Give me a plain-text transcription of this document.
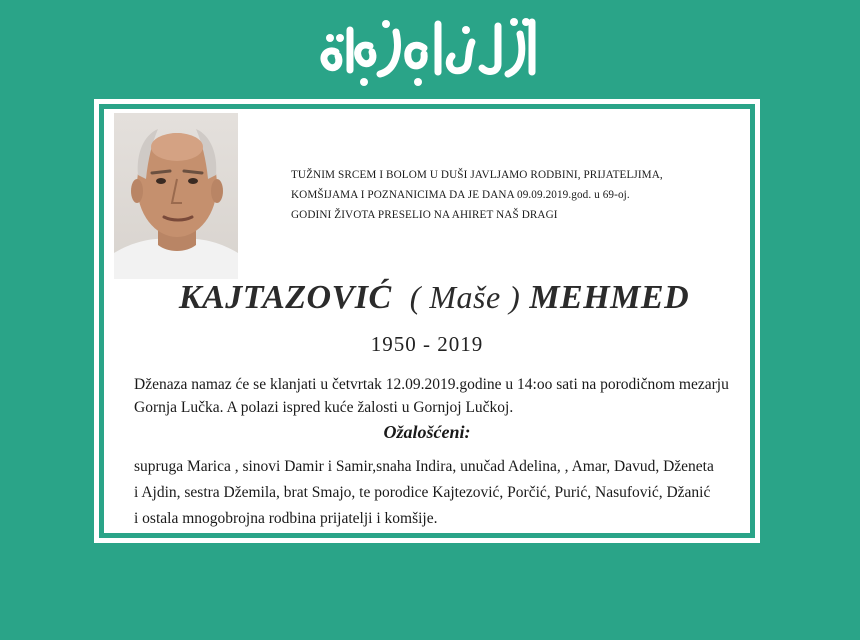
TUŽNIM SRCEM I BOLOM U DUŠI JAVLJAMO RODBINI, PRIJATELJIMA,
KOMŠIJAMA I POZNANICIMA DA JE DANA 09.09.2019.god. u 69-oj.
GODINI ŽIVOTA PRESELIO NA AHIRET NAŠ DRAGI
KAJTAZOVIĆ ( Maše ) MEHMED
1950 - 2019
Dženaza namaz će se klanjati u četvrtak 12.09.2019.godine u 14:oo sati na porodičnom mezarju
Gornja Lučka. A polazi ispred kuće žalosti u Gornjoj Lučkoj.
Ožalošćeni:
supruga Marica , sinovi Damir i Samir,snaha Indira, unučad Adelina, , Amar, Davud, Dženeta
i Ajdin, sestra Džemila, brat Smajo, te porodice Kajtezović, Porčić, Purić, Nasufović, Džanić
i ostala mnogobrojna rodbina prijatelji i komšije.
